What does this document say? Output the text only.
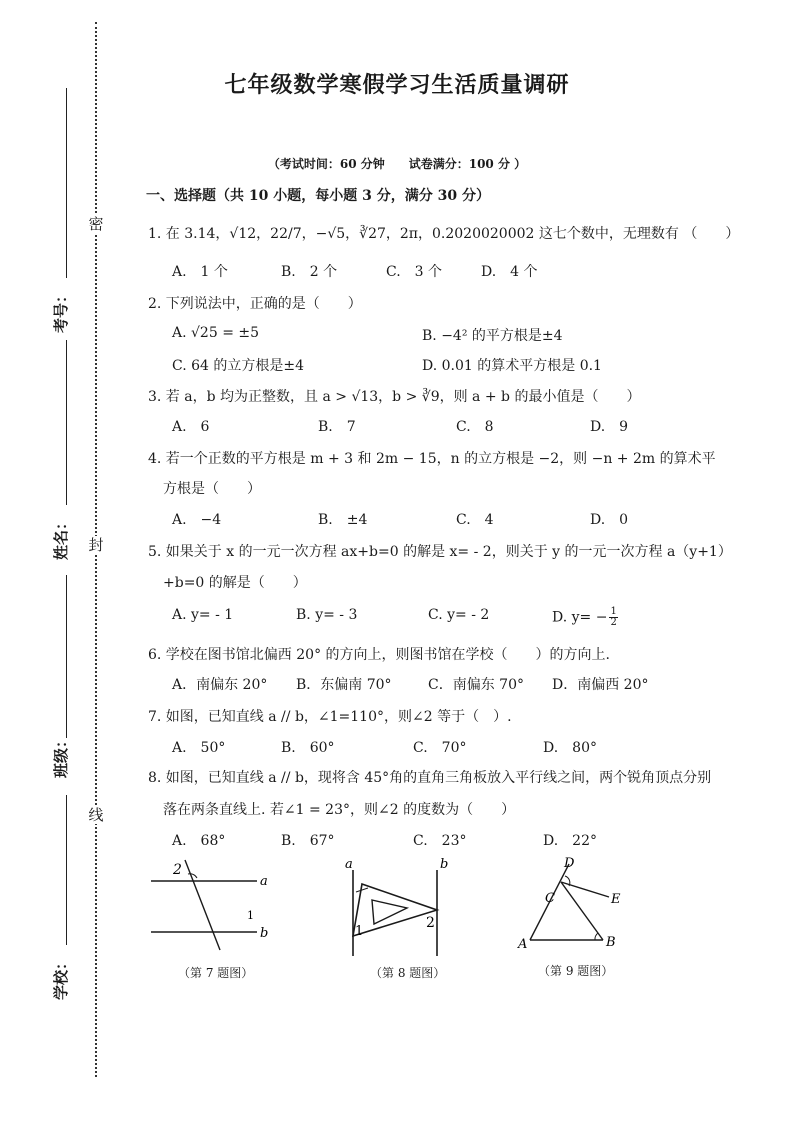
密
封
线
考号：
姓名：
班级：
学校：
七年级数学寒假学习生活质量调研
（考试时间：60 分钟　　试卷满分：100 分 ）
一、选择题（共 10 小题，每小题 3 分，满分 30 分）
1. 在 3.14，√12，22/7，−√5，∛27，2π，0.2020020002 这七个数中，无理数有 （　　）
A.　1 个	B.　2 个	C.　3 个	D.　4 个
2. 下列说法中，正确的是（　　）
A. √25 = ±5	B. −4² 的平方根是±4
C. 64 的立方根是±4	D. 0.01 的算术平方根是 0.1
3. 若 a，b 均为正整数，且 a > √13，b > ∛9，则 a + b 的最小值是（　　）
A.　6	B.　7	C.　8	D.　9
4. 若一个正数的平方根是 m + 3 和 2m − 15，n 的立方根是 −2，则 −n + 2m 的算术平
方根是（　　）
A.　−4	B.　±4	C.　4	D.　0
5. 如果关于 x 的一元一次方程 ax+b=0 的解是 x= - 2，则关于 y 的一元一次方程 a（y+1）
+b=0 的解是（　　）
A. y= - 1	B. y= - 3	C. y= - 2	D. $y= - \frac{1}{2}$
6. 学校在图书馆北偏西 20° 的方向上，则图书馆在学校（　　）的方向上.
A．南偏东 20° B．东偏南 70°	C．南偏东 70° D．南偏西 20°
7. 如图，已知直线 a // b，∠1=110°，则∠2 等于（　）.
A.　50°	B.　60°	C.　70°	D.　80°
8. 如图，已知直线 a // b，现将含 45°角的直角三角板放入平行线之间，两个锐角顶点分别
落在两条直线上. 若∠1 = 23°，则∠2 的度数为（　　）
A.　68°	B.　67°	C.　23°	D.　22°
2
1
a
b
（第 7 题图）
a	b
1
2
（第 8 题图）
D
C	E
A	B
（第 9 题图）
